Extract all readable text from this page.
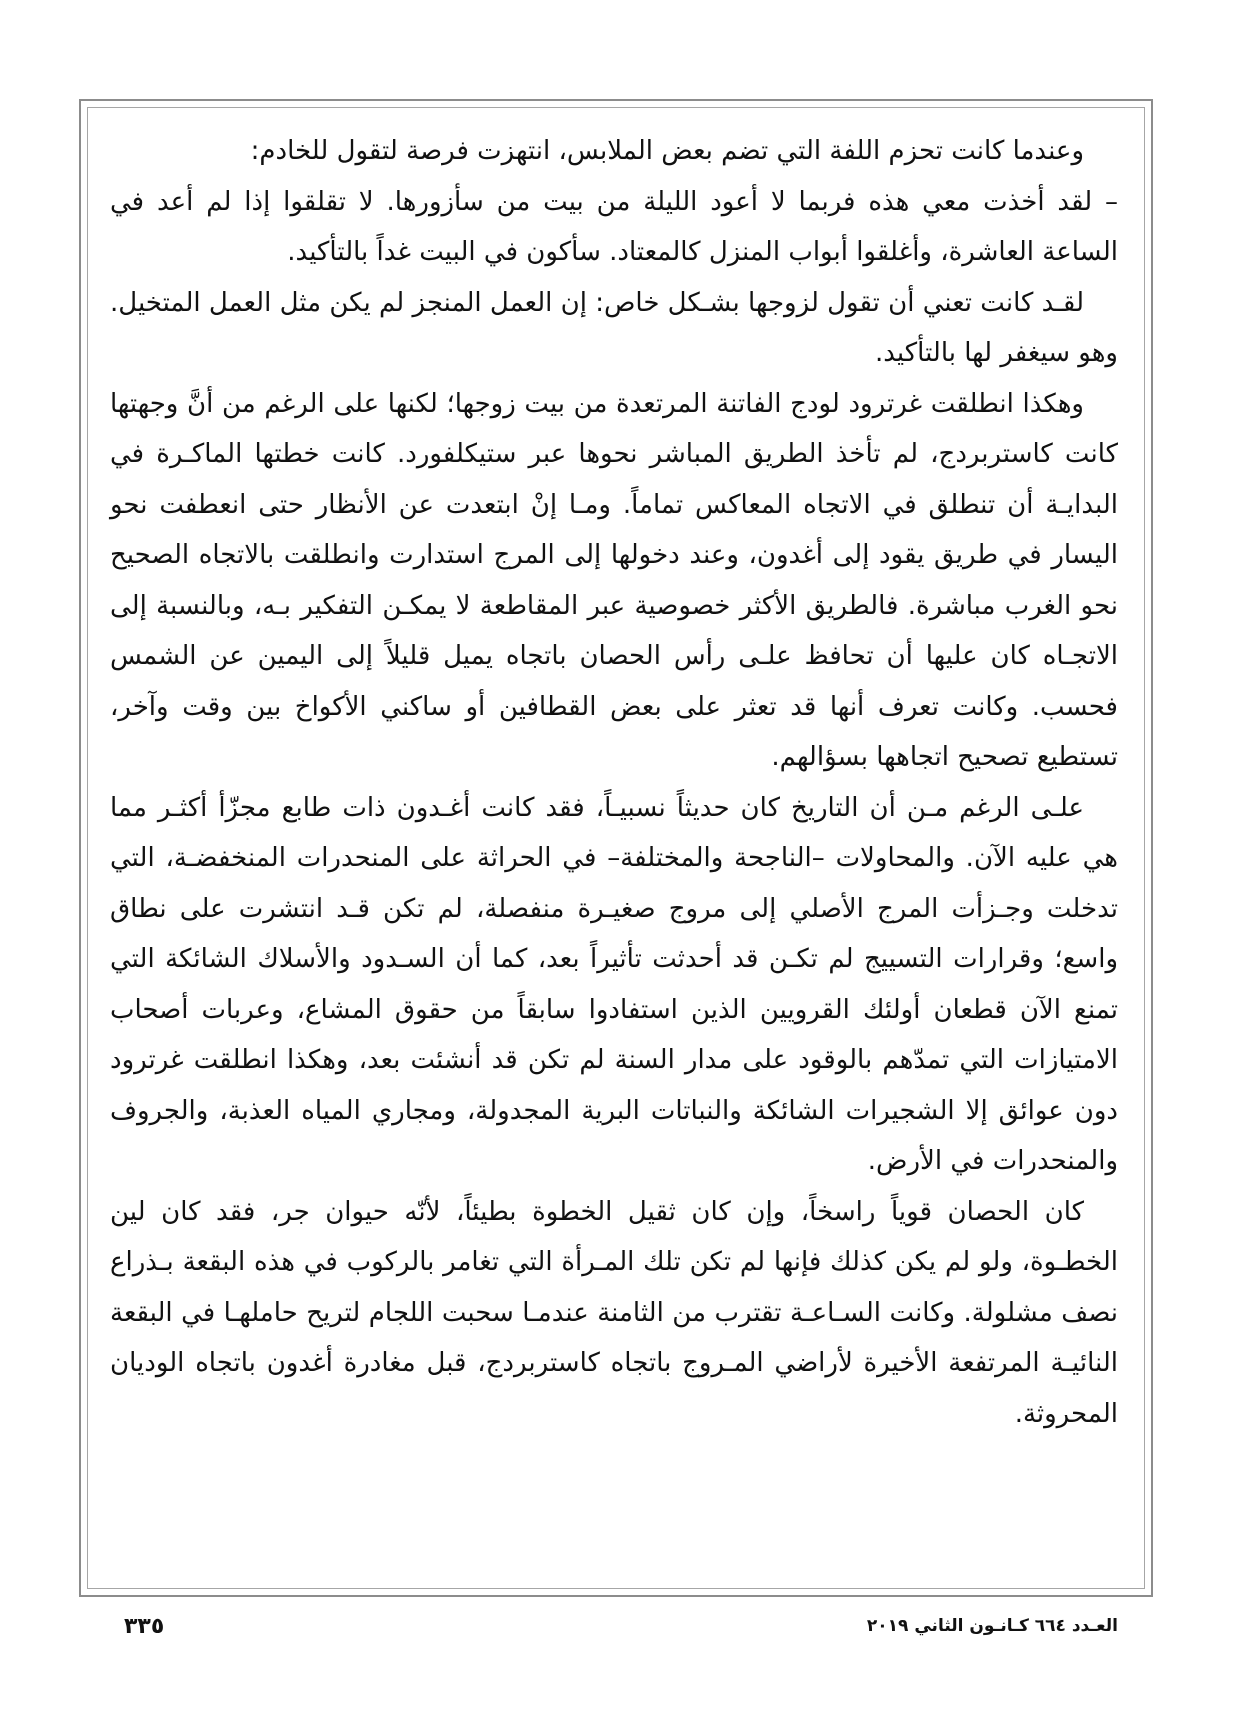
وعندما كانت تحزم اللفة التي تضم بعض الملابس، انتهزت فرصة لتقول للخادم:

– لقد أخذت معي هذه فربما لا أعود الليلة من بيت من سأزورها. لا تقلقوا إذا لم أعد في الساعة العاشرة، وأغلقوا أبواب المنزل كالمعتاد. سأكون في البيت غداً بالتأكيد.

لقـد كانت تعني أن تقول لزوجها بشـكل خاص: إن العمل المنجز لم يكن مثل العمل المتخيل. وهو سيغفر لها بالتأكيد.

وهكذا انطلقت غرترود لودج الفاتنة المرتعدة من بيت زوجها؛ لكنها على الرغم من أنَّ وجهتها كانت كاستربردج، لم تأخذ الطريق المباشر نحوها عبر ستيكلفورد. كانت خطتها الماكـرة في البدايـة أن تنطلق في الاتجاه المعاكس تماماً. ومـا إنْ ابتعدت عن الأنظار حتى انعطفت نحو اليسار في طريق يقود إلى أغدون، وعند دخولها إلى المرج استدارت وانطلقت بالاتجاه الصحيح نحو الغرب مباشرة. فالطريق الأكثر خصوصية عبر المقاطعة لا يمكـن التفكير بـه، وبالنسبة إلى الاتجـاه كان عليها أن تحافظ علـى رأس الحصان باتجاه يميل قليلاً إلى اليمين عن الشمس فحسب. وكانت تعرف أنها قد تعثر على بعض القطافين أو ساكني الأكواخ بين وقت وآخر، تستطيع تصحيح اتجاهها بسؤالهم.

علـى الرغم مـن أن التاريخ كان حديثاً نسبيـاً، فقد كانت أغـدون ذات طابع مجزّأ أكثـر مما هي عليه الآن. والمحاولات –الناجحة والمختلفة– في الحراثة على المنحدرات المنخفضـة، التي تدخلت وجـزأت المرج الأصلي إلى مروج صغيـرة منفصلة، لم تكن قـد انتشرت على نطاق واسع؛ وقرارات التسييج لم تكـن قد أحدثت تأثيراً بعد، كما أن السـدود والأسلاك الشائكة التي تمنع الآن قطعان أولئك القرويين الذين استفادوا سابقاً من حقوق المشاع، وعربات أصحاب الامتيازات التي تمدّهم بالوقود على مدار السنة لم تكن قد أنشئت بعد، وهكذا انطلقت غرترود دون عوائق إلا الشجيرات الشائكة والنباتات البرية المجدولة، ومجاري المياه العذبة، والجروف والمنحدرات في الأرض.

كان الحصان قوياً راسخاً، وإن كان ثقيل الخطوة بطيئاً، لأنّه حيوان جر، فقد كان لين الخطـوة، ولو لم يكن كذلك فإنها لم تكن تلك المـرأة التي تغامر بالركوب في هذه البقعة بـذراع نصف مشلولة. وكانت السـاعـة تقترب من الثامنة عندمـا سحبت اللجام لتريح حاملهـا في البقعة النائيـة المرتفعة الأخيرة لأراضي المـروج باتجاه كاستربردج، قبل مغادرة أغدون باتجاه الوديان المحروثة.

٣٣٥	العـدد ٦٦٤ كـانـون الثاني ٢٠١٩
